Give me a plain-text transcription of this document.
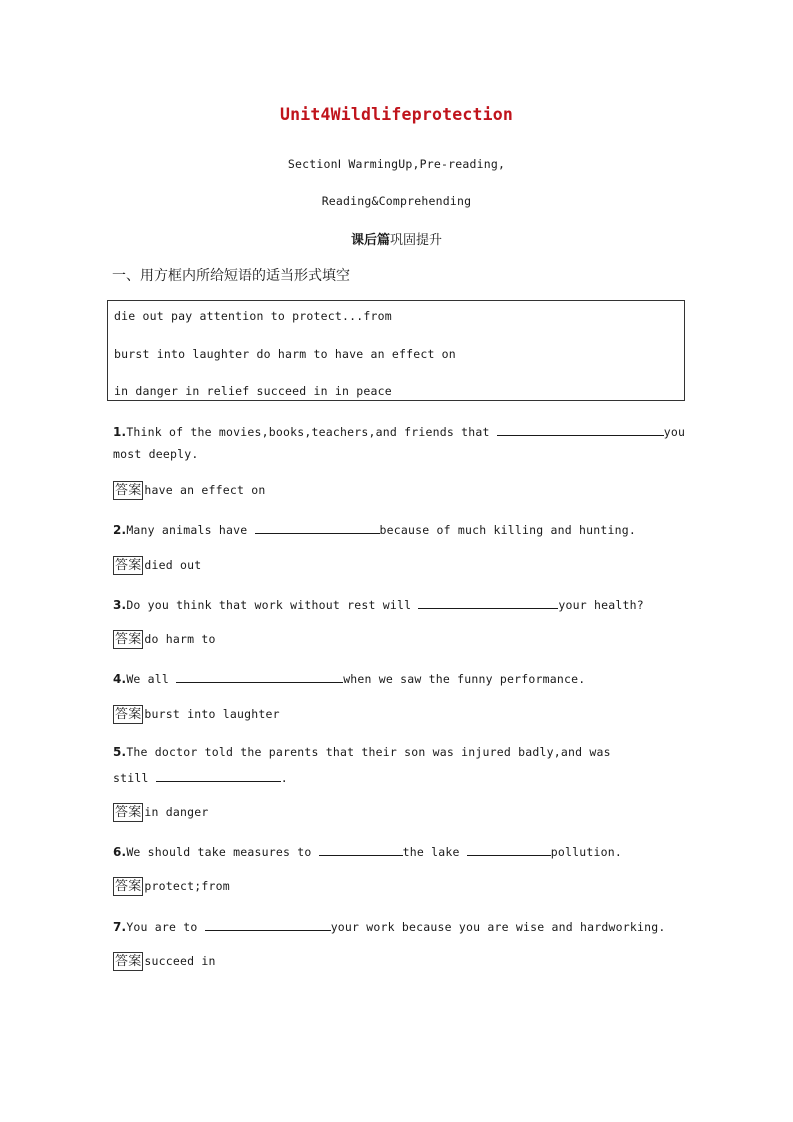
Unit4Wildlifeprotection
SectionⅠ WarmingUp,Pre-reading,
Reading&Comprehending
课后篇巩固提升
一、用方框内所给短语的适当形式填空
die out pay attention to protect...from
burst into laughter do harm to have an effect on
in danger in relief succeed in in peace
1.Think of the movies,books,teachers,and friends that	you
most deeply.
答案 have an effect on
2.Many animals have	because of much killing and hunting.
答案 died out
3.Do you think that work without rest will	your health?
答案 do harm to
4.We all	when we saw the funny performance.
答案 burst into laughter
5.The doctor told the parents that their son was injured badly,and was
still	.
答案 in danger
6.We should take measures to	the lake	pollution.
答案 protect;from
7.You are to	your work because you are wise and hardworking.
答案 succeed in
